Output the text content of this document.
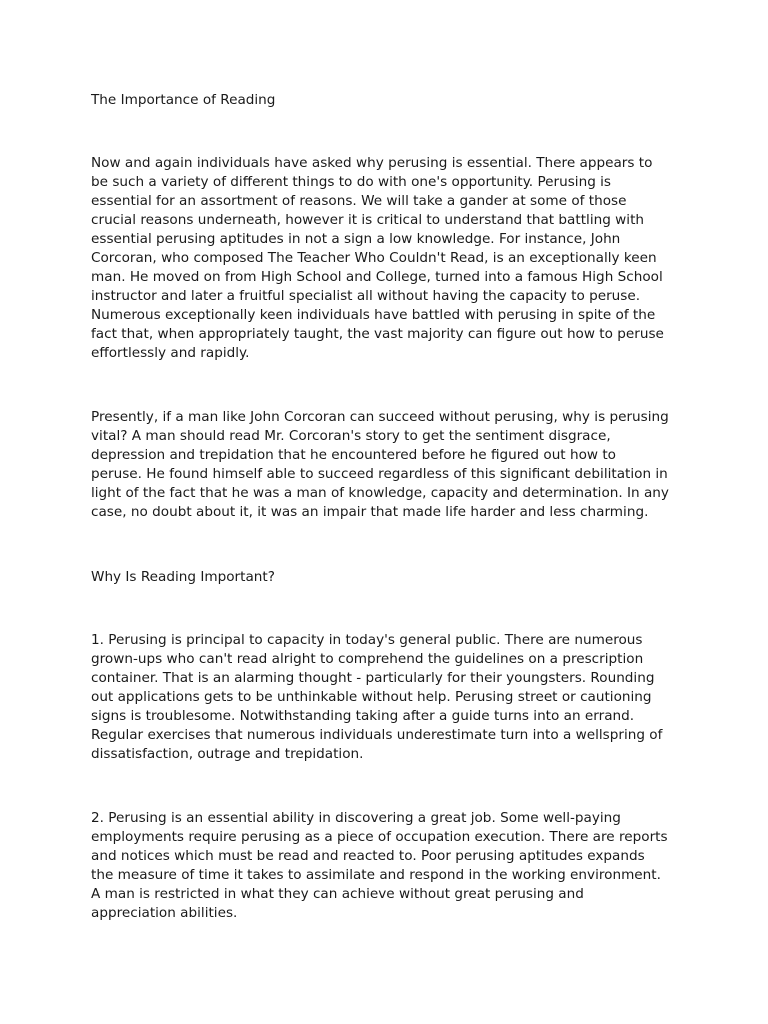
The Importance of Reading

Now and again individuals have asked why perusing is essential. There appears to
be such a variety of different things to do with one's opportunity. Perusing is
essential for an assortment of reasons. We will take a gander at some of those
crucial reasons underneath, however it is critical to understand that battling with
essential perusing aptitudes in not a sign a low knowledge. For instance, John
Corcoran, who composed The Teacher Who Couldn't Read, is an exceptionally keen
man. He moved on from High School and College, turned into a famous High School
instructor and later a fruitful specialist all without having the capacity to peruse.
Numerous exceptionally keen individuals have battled with perusing in spite of the
fact that, when appropriately taught, the vast majority can figure out how to peruse
effortlessly and rapidly.

Presently, if a man like John Corcoran can succeed without perusing, why is perusing
vital? A man should read Mr. Corcoran's story to get the sentiment disgrace,
depression and trepidation that he encountered before he figured out how to
peruse. He found himself able to succeed regardless of this significant debilitation in
light of the fact that he was a man of knowledge, capacity and determination. In any
case, no doubt about it, it was an impair that made life harder and less charming.

Why Is Reading Important?

1. Perusing is principal to capacity in today's general public. There are numerous
grown-ups who can't read alright to comprehend the guidelines on a prescription
container. That is an alarming thought - particularly for their youngsters. Rounding
out applications gets to be unthinkable without help. Perusing street or cautioning
signs is troublesome. Notwithstanding taking after a guide turns into an errand.
Regular exercises that numerous individuals underestimate turn into a wellspring of
dissatisfaction, outrage and trepidation.

2. Perusing is an essential ability in discovering a great job. Some well-paying
employments require perusing as a piece of occupation execution. There are reports
and notices which must be read and reacted to. Poor perusing aptitudes expands
the measure of time it takes to assimilate and respond in the working environment.
A man is restricted in what they can achieve without great perusing and
appreciation abilities.
